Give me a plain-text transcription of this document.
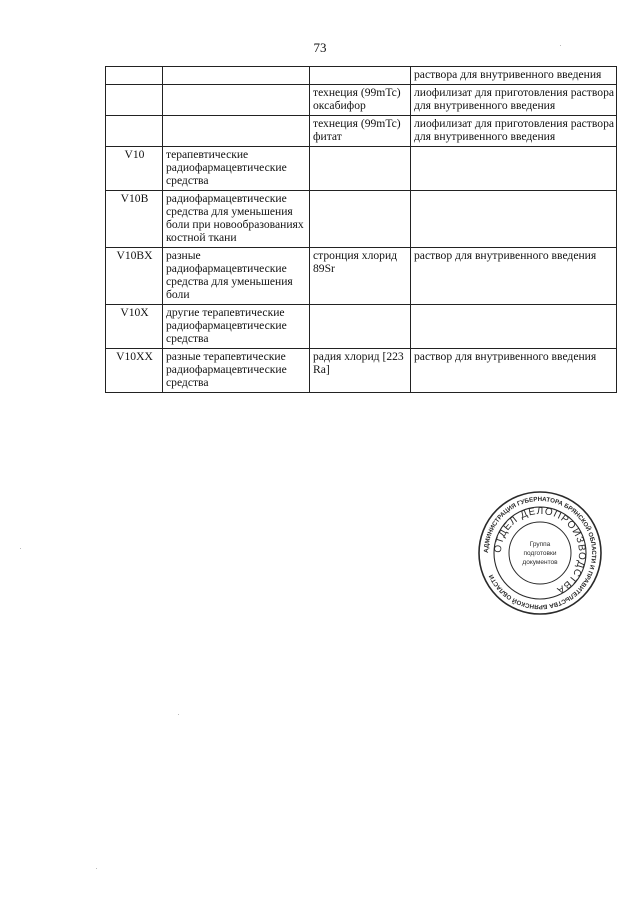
73
			раствора для внутривенного введения
		технеция (99mTc) оксабифор	лиофилизат для приготовления раствора для внутривенного введения
		технеция (99mTc) фитат	лиофилизат для приготовления раствора для внутривенного введения
V10	терапевтические радиофармацевтические средства		
V10B	радиофармацевтические средства для уменьшения боли при новообразованиях костной ткани		
V10BX	разные радиофармацевтические средства для уменьшения боли	стронция хлорид 89Sr	раствор для внутривенного введения
V10X	другие терапевтические радиофармацевтические средства		
V10XX	разные терапевтические радиофармацевтические средства	радия хлорид [223 Ra]	раствор для внутривенного введения
АДМИНИСТРАЦИЯ ГУБЕРНАТОРА БРЯНСКОЙ ОБЛАСТИ И ПРАВИТЕЛЬСТВА БРЯНСКОЙ ОБЛАСТИ
ОТДЕЛ ДЕЛОПРОИЗВОДСТВА
Группа
подготовки
документов
